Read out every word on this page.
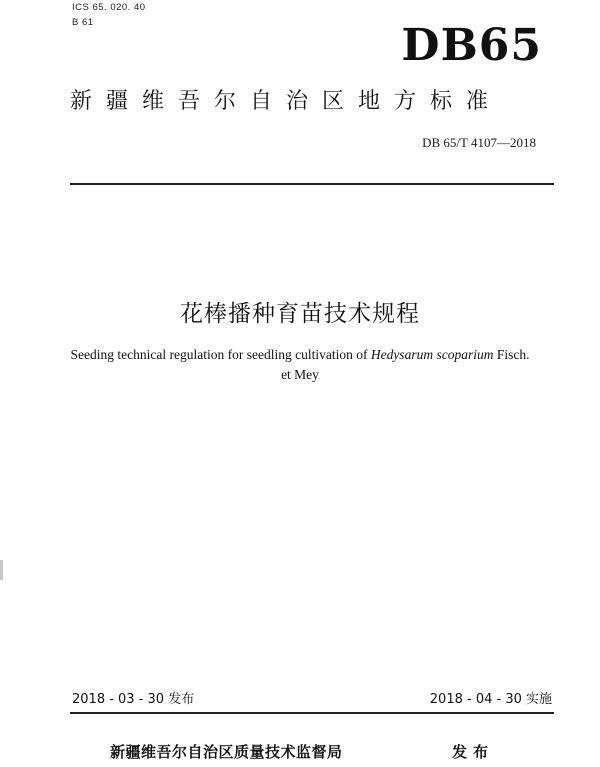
ICS 65. 020. 40
B 61	DB65
新疆维吾尔自治区地方标准
DB 65/T 4107—2018
花棒播种育苗技术规程
Seeding technical regulation for seedling cultivation of Hedysarum scoparium Fisch.
et Mey
2018 - 03 - 30 发布	2018 - 04 - 30 实施
新疆维吾尔自治区质量技术监督局	发布
